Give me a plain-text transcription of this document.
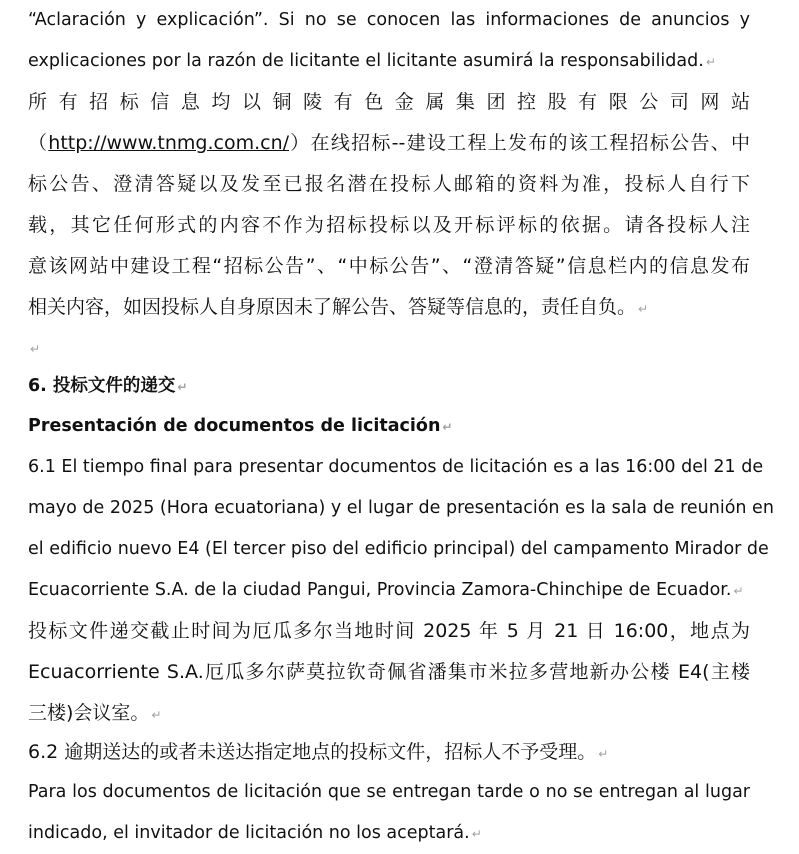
“Aclaración y explicación”. Si no se conocen las informaciones de anuncios y
explicaciones por la razón de licitante el licitante asumirá la responsabilidad. ↵
所有招标信息均以铜陵有色金属集团控股有限公司网站
（http://www.tnmg.com.cn/）在线招标--建设工程上发布的该工程招标公告、中
标公告、澄清答疑以及发至已报名潜在投标人邮箱的资料为准，投标人自行下
载，其它任何形式的内容不作为招标投标以及开标评标的依据。请各投标人注
意该网站中建设工程“招标公告”、“中标公告”、“澄清答疑”信息栏内的信息发布
相关内容，如因投标人自身原因未了解公告、答疑等信息的，责任自负。 ↵
↵
6. 投标文件的递交 ↵
Presentación de documentos de licitación ↵
6.1 El tiempo final para presentar documentos de licitación es a las 16:00 del 21 de
mayo de 2025 (Hora ecuatoriana) y el lugar de presentación es la sala de reunión en
el edificio nuevo E4 (El tercer piso del edificio principal) del campamento Mirador de
Ecuacorriente S.A. de la ciudad Pangui, Provincia Zamora-Chinchipe de Ecuador. ↵
投标文件递交截止时间为厄瓜多尔当地时间 2025 年 5 月 21 日 16:00，地点为
Ecuacorriente S.A.厄瓜多尔萨莫拉钦奇佩省潘集市米拉多营地新办公楼 E4(主楼
三楼)会议室。 ↵
6.2 逾期送达的或者未送达指定地点的投标文件，招标人不予受理。 ↵
Para los documentos de licitación que se entregan tarde o no se entregan al lugar
indicado, el invitador de licitación no los aceptará. ↵
